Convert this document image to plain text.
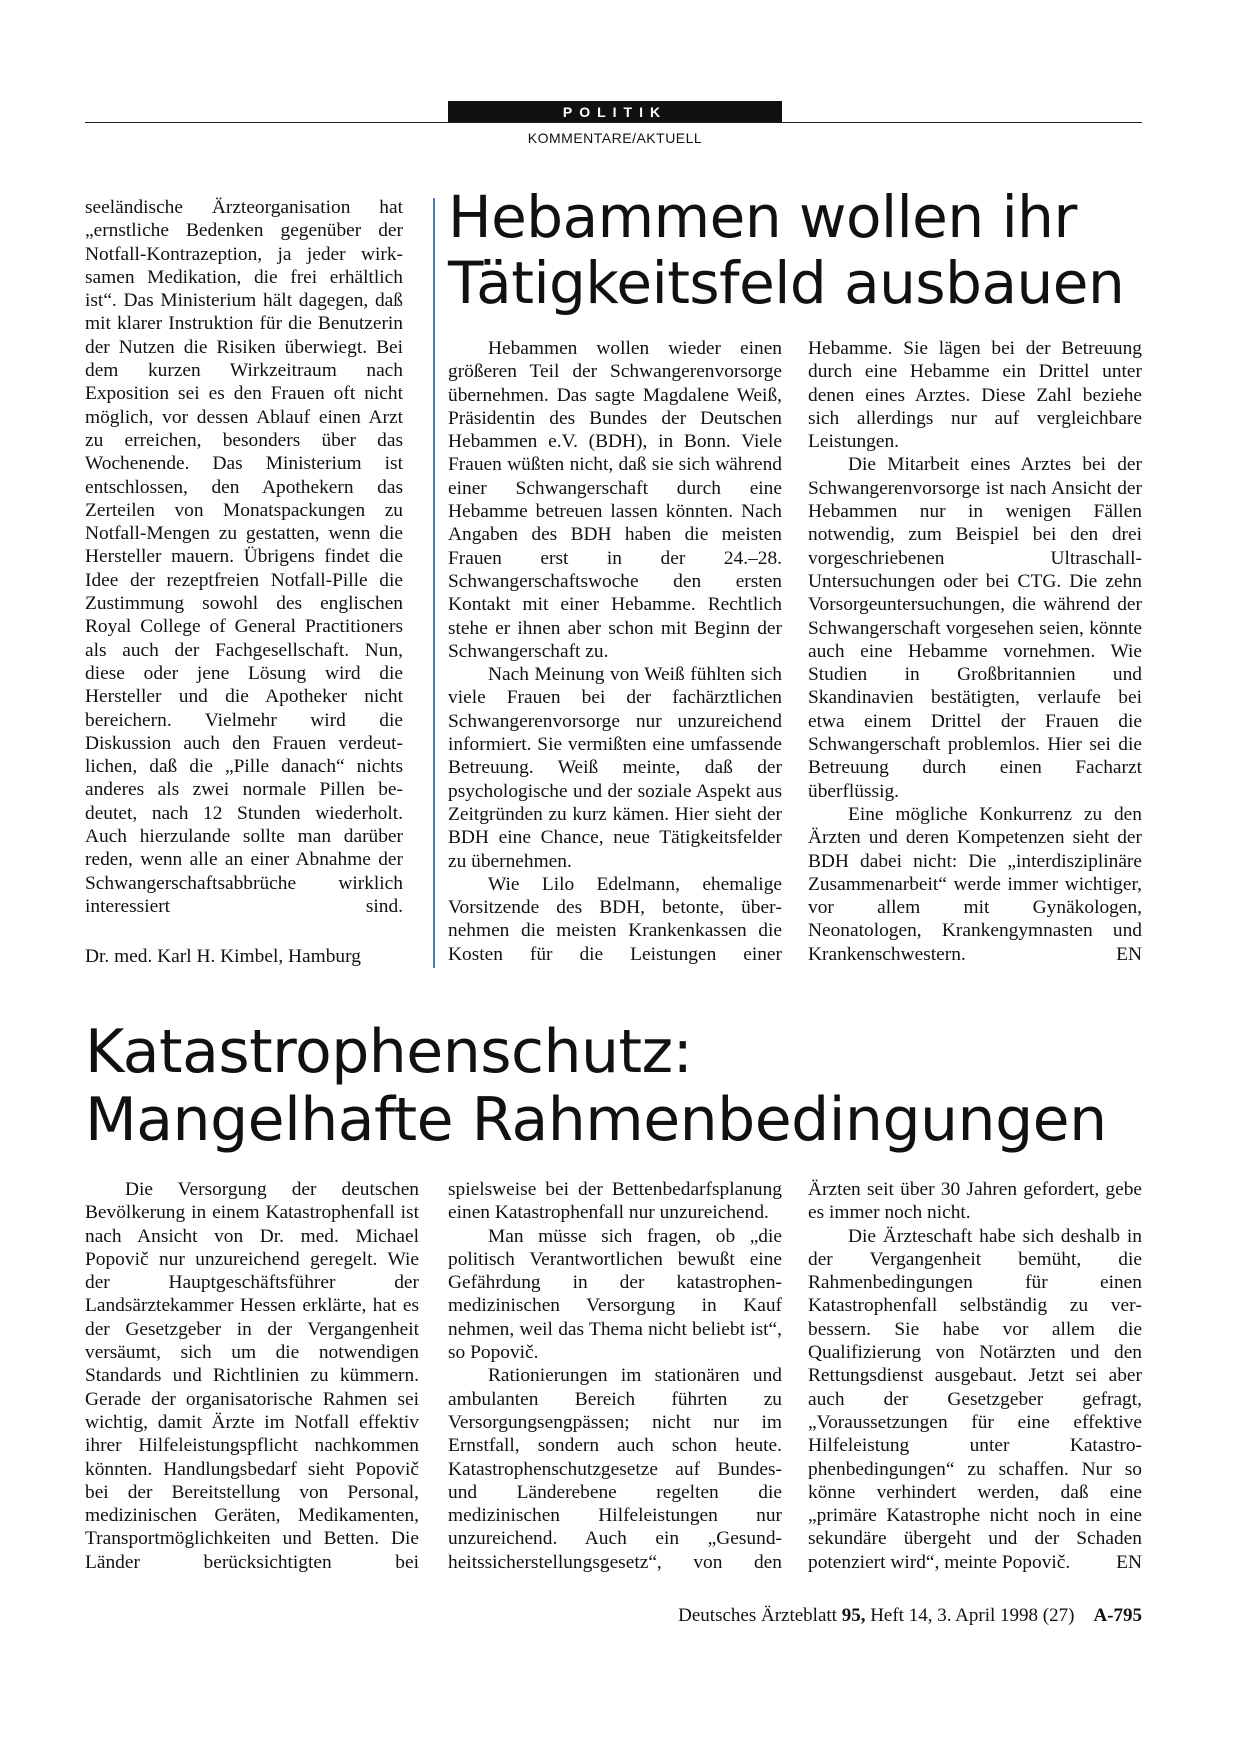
POLITIK
KOMMENTARE/AKTUELL

seeländische Ärzteorganisation hat „ernstliche Bedenken gegenüber der Notfall-Kontrazeption, ja jeder wirksamen Medikation, die frei erhältlich ist“. Das Ministerium hält dagegen, daß mit klarer Instruktion für die Benutzerin der Nutzen die Risiken überwiegt. Bei dem kurzen Wirkzeitraum nach Exposition sei es den Frauen oft nicht möglich, vor dessen Ablauf einen Arzt zu erreichen, besonders über das Wochenende. Das Ministerium ist entschlossen, den Apothekern das Zerteilen von Monatspackungen zu Notfall-Mengen zu gestatten, wenn die Hersteller mauern. Übrigens findet die Idee der rezeptfreien Notfall-Pille die Zustimmung sowohl des englischen Royal College of General Practitioners als auch der Fachgesellschaft. Nun, diese oder jene Lösung wird die Hersteller und die Apotheker nicht bereichern. Vielmehr wird die Diskussion auch den Frauen verdeutlichen, daß die „Pille danach“ nichts anderes als zwei normale Pillen bedeutet, nach 12 Stunden wiederholt. Auch hierzulande sollte man darüber reden, wenn alle an einer Abnahme der Schwangerschaftsabbrüche wirklich interessiert sind.

Dr. med. Karl H. Kimbel, Hamburg
Hebammen wollen ihr
Tätigkeitsfeld ausbauen

Hebammen wollen wieder einen größeren Teil der Schwangerenvorsorge übernehmen. Das sagte Magdalene Weiß, Präsidentin des Bundes der Deutschen Hebammen e.V. (BDH), in Bonn. Viele Frauen wüßten nicht, daß sie sich während einer Schwangerschaft durch eine Hebamme betreuen lassen könnten. Nach Angaben des BDH haben die meisten Frauen erst in der 24.–28. Schwangerschaftswoche den ersten Kontakt mit einer Hebamme. Rechtlich stehe er ihnen aber schon mit Beginn der Schwangerschaft zu.

Nach Meinung von Weiß fühlten sich viele Frauen bei der fachärztlichen Schwangerenvorsorge nur unzureichend informiert. Sie vermißten eine umfassende Betreuung. Weiß meinte, daß der psychologische und der soziale Aspekt aus Zeitgründen zu kurz kämen. Hier sieht der BDH eine Chance, neue Tätigkeitsfelder zu übernehmen.

Wie Lilo Edelmann, ehemalige Vorsitzende des BDH, betonte, übernehmen die meisten Krankenkassen die Kosten für die Leistungen einer

Hebamme. Sie lägen bei der Betreuung durch eine Hebamme ein Drittel unter denen eines Arztes. Diese Zahl beziehe sich allerdings nur auf vergleichbare Leistungen.

Die Mitarbeit eines Arztes bei der Schwangerenvorsorge ist nach Ansicht der Hebammen nur in wenigen Fällen notwendig, zum Beispiel bei den drei vorgeschriebenen Ultraschall-Untersuchungen oder bei CTG. Die zehn Vorsorgeuntersuchungen, die während der Schwangerschaft vorgesehen seien, könnte auch eine Hebamme vornehmen. Wie Studien in Großbritannien und Skandinavien bestätigten, verlaufe bei etwa einem Drittel der Frauen die Schwangerschaft problemlos. Hier sei die Betreuung durch einen Facharzt überflüssig.

Eine mögliche Konkurrenz zu den Ärzten und deren Kompetenzen sieht der BDH dabei nicht: Die „interdisziplinäre Zusammenarbeit“ werde immer wichtiger, vor allem mit Gynäkologen, Neonatologen, Krankengymnasten und Krankenschwestern.	EN

Katastrophenschutz:
Mangelhafte Rahmenbedingungen

Die Versorgung der deutschen Bevölkerung in einem Katastrophenfall ist nach Ansicht von Dr. med. Michael Popovič nur unzureichend geregelt. Wie der Hauptgeschäftsführer der Landsärztekammer Hessen erklärte, hat es der Gesetzgeber in der Vergangenheit versäumt, sich um die notwendigen Standards und Richtlinien zu kümmern. Gerade der organisatorische Rahmen sei wichtig, damit Ärzte im Notfall effektiv ihrer Hilfeleistungspflicht nachkommen könnten. Handlungsbedarf sieht Popovič bei der Bereitstellung von Personal, medizinischen Geräten, Medikamenten, Transportmöglichkeiten und Betten. Die Länder berücksichtigten bei

spielsweise bei der Bettenbedarfsplanung einen Katastrophenfall nur unzureichend.

Man müsse sich fragen, ob „die politisch Verantwortlichen bewußt eine Gefährdung in der katastrophenmedizinischen Versorgung in Kauf nehmen, weil das Thema nicht beliebt ist“, so Popovič.

Rationierungen im stationären und ambulanten Bereich führten zu Versorgungsengpässen; nicht nur im Ernstfall, sondern auch schon heute. Katastrophenschutzgesetze auf Bundes- und Länderebene regelten die medizinischen Hilfeleistungen nur unzureichend. Auch ein „Gesundheitssicherstellungsgesetz“, von den

Ärzten seit über 30 Jahren gefordert, gebe es immer noch nicht.

Die Ärzteschaft habe sich deshalb in der Vergangenheit bemüht, die Rahmenbedingungen für einen Katastrophenfall selbständig zu verbessern. Sie habe vor allem die Qualifizierung von Notärzten und den Rettungsdienst ausgebaut. Jetzt sei aber auch der Gesetzgeber gefragt, „Voraussetzungen für eine effektive Hilfeleistung unter Katastrophenbedingungen“ zu schaffen. Nur so könne verhindert werden, daß eine „primäre Katastrophe nicht noch in eine sekundäre übergeht und der Schaden potenziert wird“, meinte Popovič.	EN

Deutsches Ärzteblatt 95, Heft 14, 3. April 1998 (27) A-795
